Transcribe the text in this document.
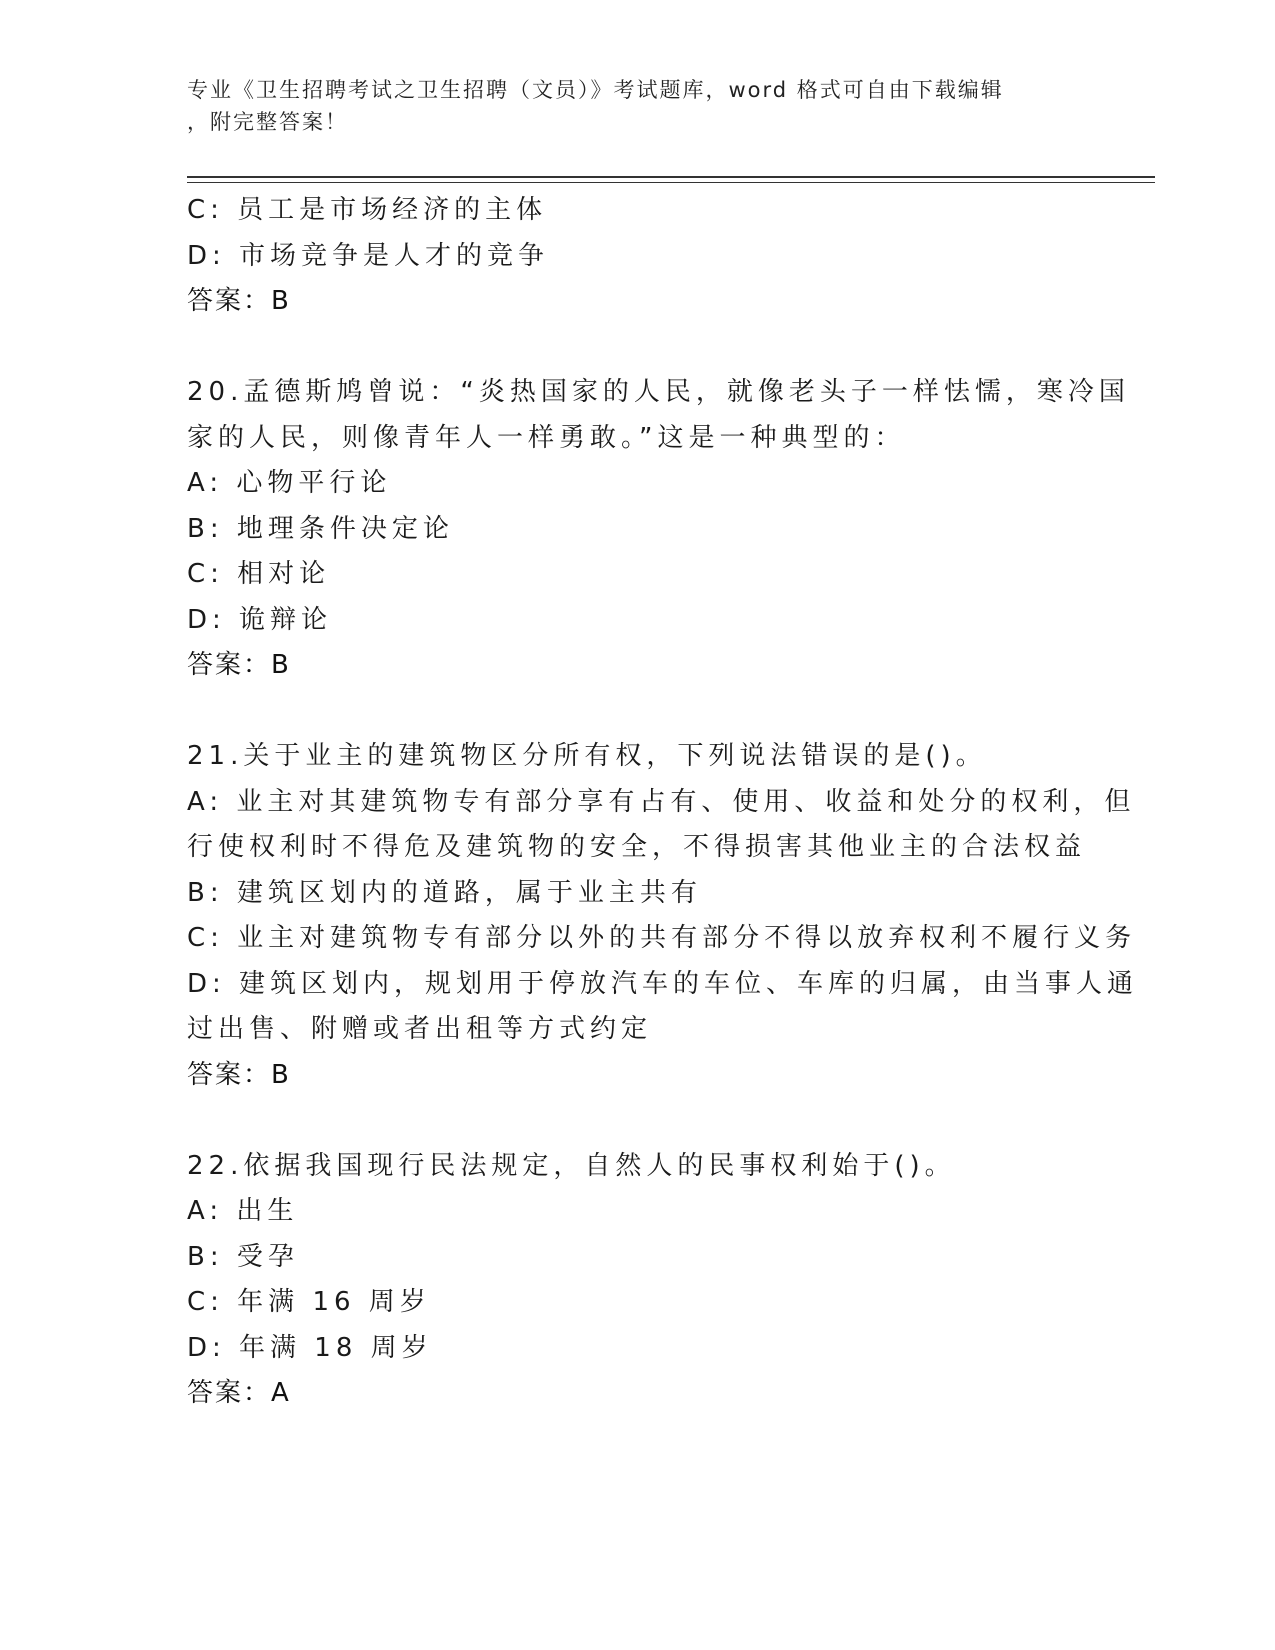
专业《卫生招聘考试之卫生招聘（文员）》考试题库，word 格式可自由下载编辑
，附完整答案！
C: 员工是市场经济的主体
D: 市场竞争是人才的竞争
答案：B
20.孟德斯鸠曾说：“炎热国家的人民，就像老头子一样怯懦，寒冷国
家的人民，则像青年人一样勇敢。”这是一种典型的：
A: 心物平行论
B: 地理条件决定论
C: 相对论
D: 诡辩论
答案：B
21.关于业主的建筑物区分所有权，下列说法错误的是()。
A: 业主对其建筑物专有部分享有占有、使用、收益和处分的权利，但
行使权利时不得危及建筑物的安全，不得损害其他业主的合法权益
B: 建筑区划内的道路，属于业主共有
C: 业主对建筑物专有部分以外的共有部分不得以放弃权利不履行义务
D: 建筑区划内，规划用于停放汽车的车位、车库的归属，由当事人通
过出售、附赠或者出租等方式约定
答案：B
22.依据我国现行民法规定，自然人的民事权利始于()。
A: 出生
B: 受孕
C: 年满 16 周岁
D: 年满 18 周岁
答案：A
